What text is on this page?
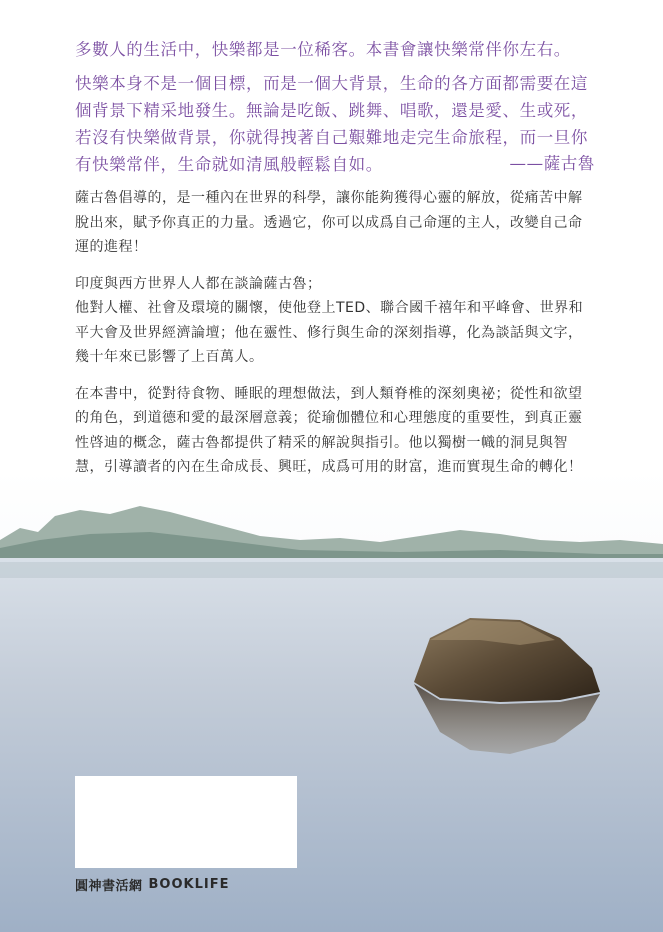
多數人的生活中，快樂都是一位稀客。本書會讓快樂常伴你左右。

快樂本身不是一個目標，而是一個大背景，生命的各方面都需要在這個背景下精采地發生。無論是吃飯、跳舞、唱歌，還是愛、生或死，若沒有快樂做背景，你就得拽著自己艱難地走完生命旅程，而一旦你有快樂常伴，生命就如清風般輕鬆自如。	——薩古魯

薩古魯倡導的，是一種內在世界的科學，讓你能夠獲得心靈的解放，從痛苦中解脫出來，賦予你真正的力量。透過它，你可以成爲自己命運的主人，改變自己命運的進程！

印度與西方世界人人都在談論薩古魯；

他對人權、社會及環境的關懷，使他登上TED、聯合國千禧年和平峰會、世界和平大會及世界經濟論壇；他在靈性、修行與生命的深刻指導，化為談話與文字，幾十年來已影響了上百萬人。

在本書中，從對待食物、睡眠的理想做法，到人類脊椎的深刻奧祕；從性和欲望的角色，到道德和愛的最深層意義；從瑜伽體位和心理態度的重要性，到真正靈性啓迪的概念，薩古魯都提供了精采的解說與指引。他以獨樹一幟的洞見與智慧，引導讀者的內在生命成長、興旺，成爲可用的財富，進而實現生命的轉化！

圓神書活網 BOOKLIFE
